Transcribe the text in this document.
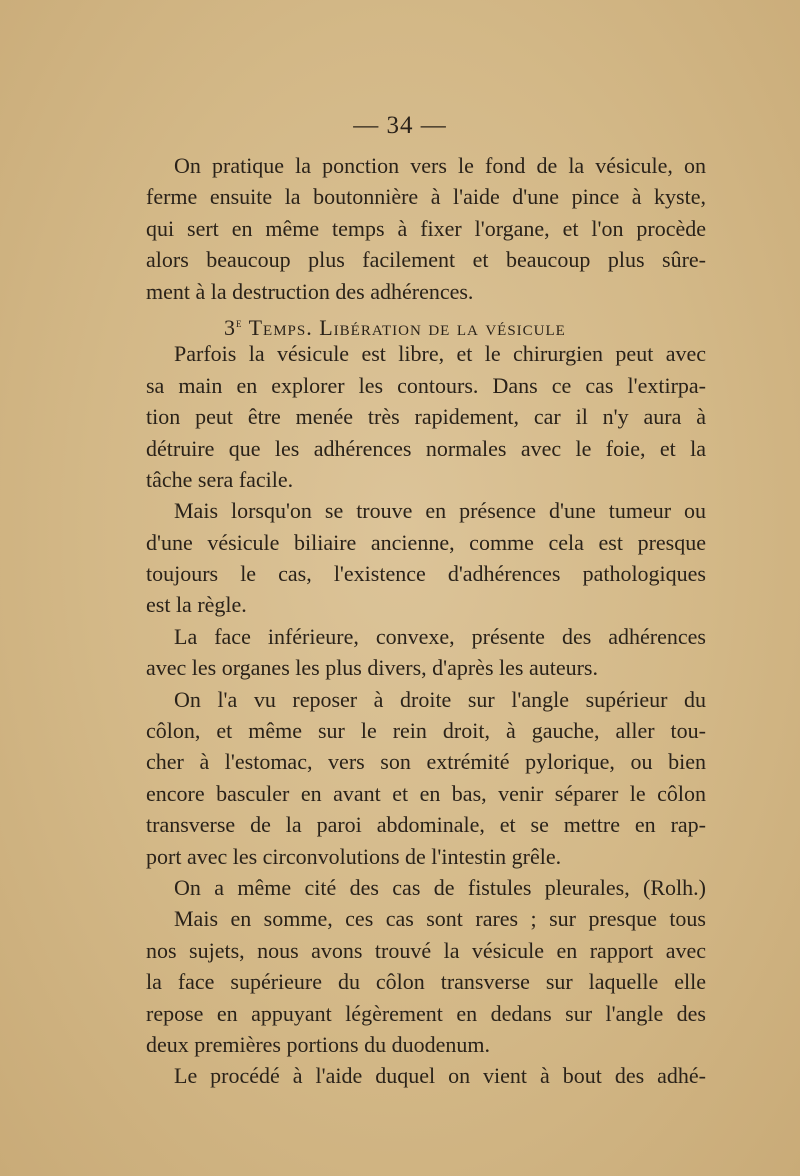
— 34 —
On pratique la ponction vers le fond de la vésicule, on
ferme ensuite la boutonnière à l'aide d'une pince à kyste,
qui sert en même temps à fixer l'organe, et l'on procède
alors beaucoup plus facilement et beaucoup plus sûre-
ment à la destruction des adhérences.
3e Temps. Libération de la vésicule
Parfois la vésicule est libre, et le chirurgien peut avec
sa main en explorer les contours. Dans ce cas l'extirpa-
tion peut être menée très rapidement, car il n'y aura à
détruire que les adhérences normales avec le foie, et la
tâche sera facile.
Mais lorsqu'on se trouve en présence d'une tumeur ou
d'une vésicule biliaire ancienne, comme cela est presque
toujours le cas, l'existence d'adhérences pathologiques
est la règle.
La face inférieure, convexe, présente des adhérences
avec les organes les plus divers, d'après les auteurs.
On l'a vu reposer à droite sur l'angle supérieur du
côlon, et même sur le rein droit, à gauche, aller tou-
cher à l'estomac, vers son extrémité pylorique, ou bien
encore basculer en avant et en bas, venir séparer le côlon
transverse de la paroi abdominale, et se mettre en rap-
port avec les circonvolutions de l'intestin grêle.
On a même cité des cas de fistules pleurales, (Rolh.)
Mais en somme, ces cas sont rares ; sur presque tous
nos sujets, nous avons trouvé la vésicule en rapport avec
la face supérieure du côlon transverse sur laquelle elle
repose en appuyant légèrement en dedans sur l'angle des
deux premières portions du duodenum.
Le procédé à l'aide duquel on vient à bout des adhé-
